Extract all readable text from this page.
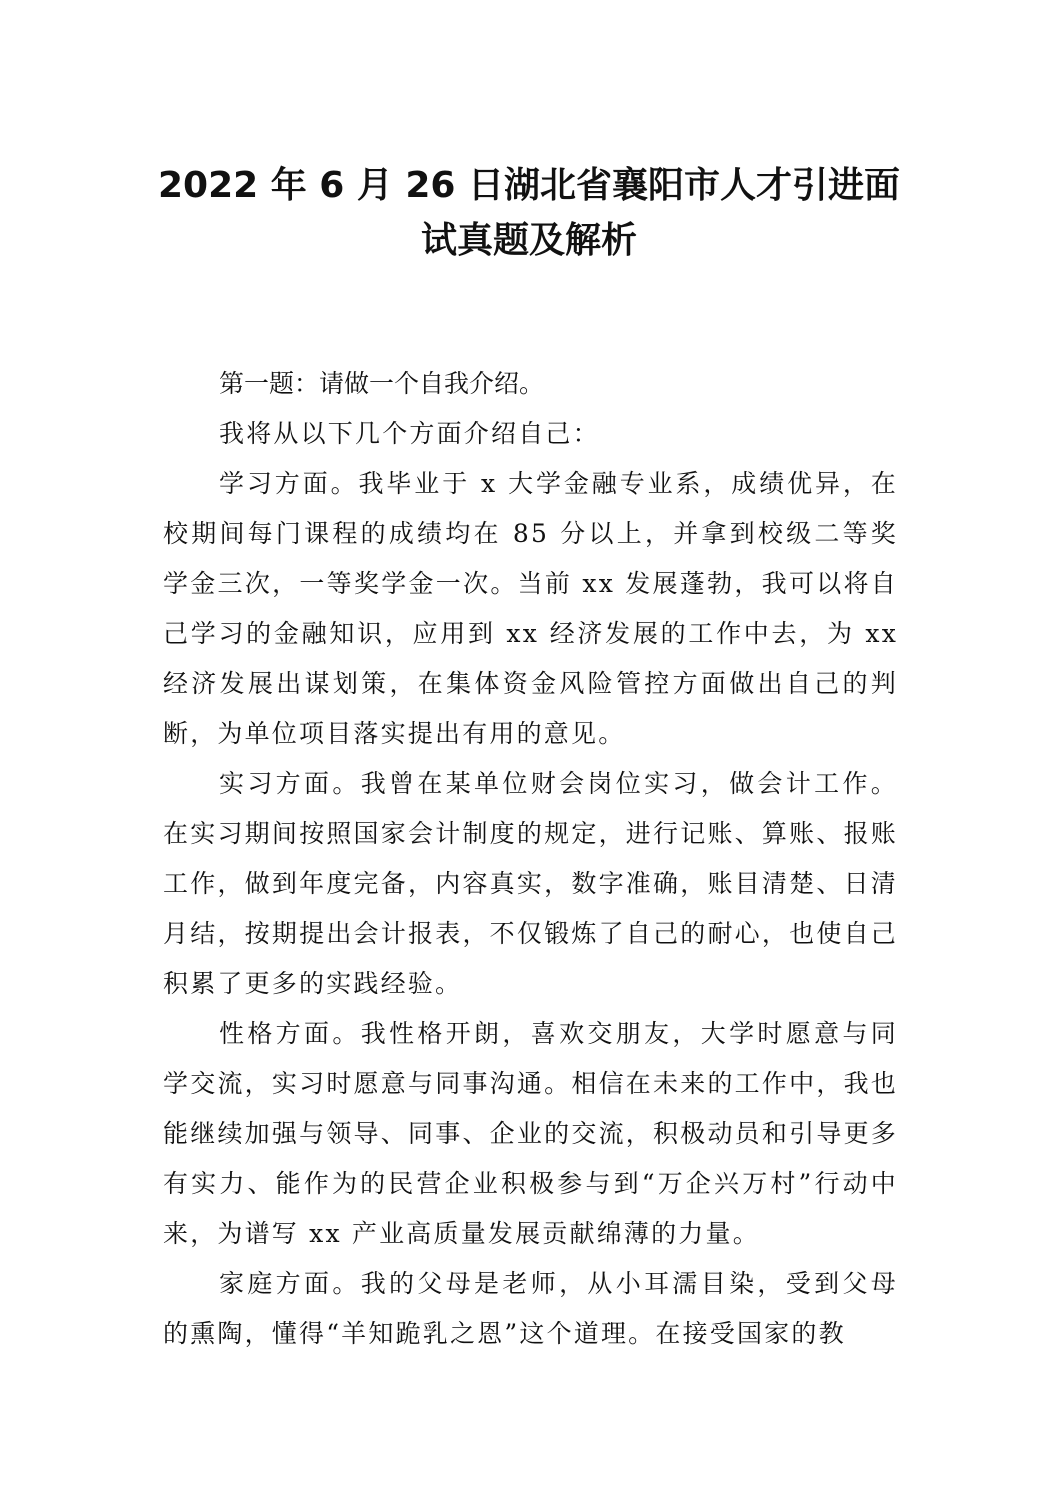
2022 年 6 月 26 日湖北省襄阳市人才引进面
试真题及解析

第一题：请做一个自我介绍。

我将从以下几个方面介绍自己：

学习方面。我毕业于 x 大学金融专业系，成绩优异，在校期间每门课程的成绩均在 85 分以上，并拿到校级二等奖学金三次，一等奖学金一次。当前 xx 发展蓬勃，我可以将自己学习的金融知识，应用到 xx 经济发展的工作中去，为 xx 经济发展出谋划策，在集体资金风险管控方面做出自己的判断，为单位项目落实提出有用的意见。

实习方面。我曾在某单位财会岗位实习，做会计工作。在实习期间按照国家会计制度的规定，进行记账、算账、报账工作，做到年度完备，内容真实，数字准确，账目清楚、日清月结，按期提出会计报表，不仅锻炼了自己的耐心，也使自己积累了更多的实践经验。

性格方面。我性格开朗，喜欢交朋友，大学时愿意与同学交流，实习时愿意与同事沟通。相信在未来的工作中，我也能继续加强与领导、同事、企业的交流，积极动员和引导更多有实力、能作为的民营企业积极参与到“万企兴万村”行动中来，为谱写 xx 产业高质量发展贡献绵薄的力量。

家庭方面。我的父母是老师，从小耳濡目染，受到父母的熏陶，懂得“羊知跪乳之恩”这个道理。在接受国家的教
